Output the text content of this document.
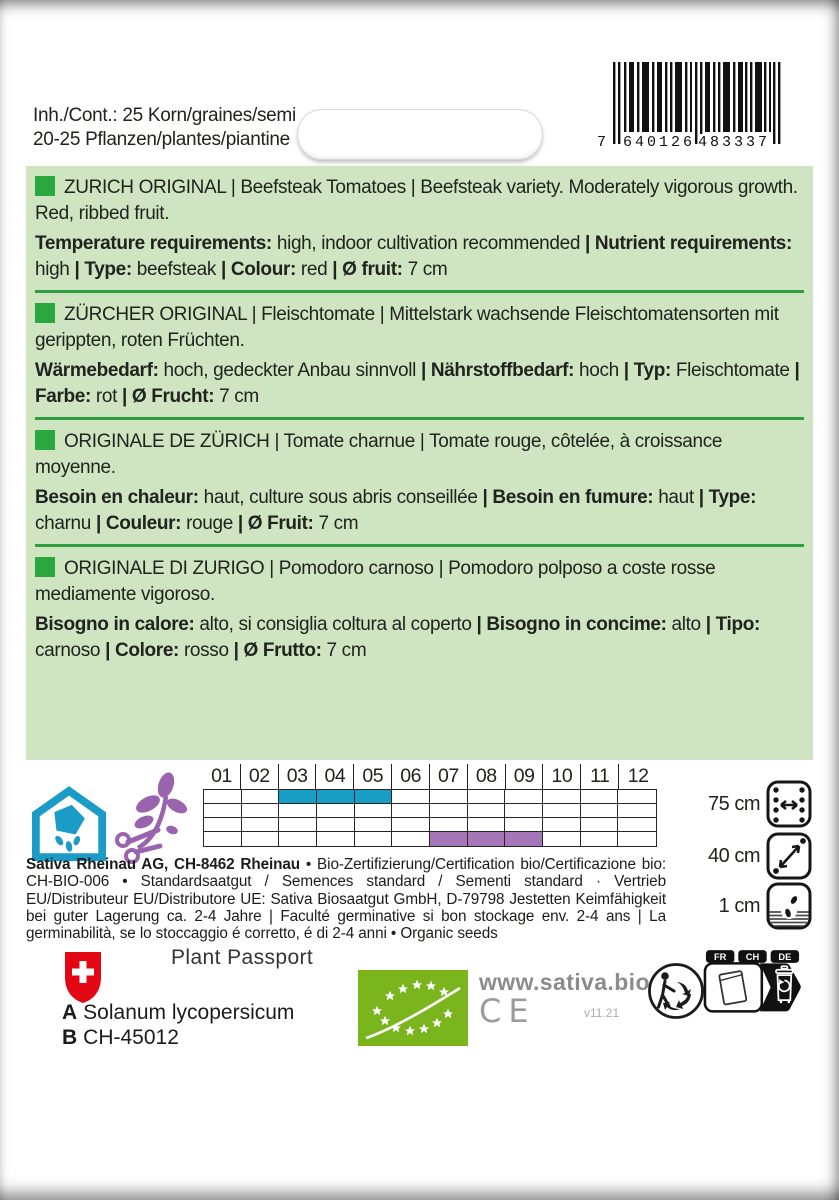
Inh./Cont.: 25 Korn/graines/semi
20-25 Pflanzen/plantes/piantine	7 640126 483337

ZURICH ORIGINAL | Beefsteak Tomatoes | Beefsteak variety. Moderately vigorous growth. Red, ribbed fruit.

Temperature requirements: high, indoor cultivation recommended | Nutrient requirements: high | Type: beefsteak | Colour: red | Ø fruit: 7 cm

ZÜRCHER ORIGINAL | Fleischtomate | Mittelstark wachsende Fleischtomatensorten mit gerippten, roten Früchten.

Wärmebedarf: hoch, gedeckter Anbau sinnvoll | Nährstoffbedarf: hoch | Typ: Fleischtomate | Farbe: rot | Ø Frucht: 7 cm

ORIGINALE DE ZÜRICH | Tomate charnue | Tomate rouge, côtelée, à croissance moyenne.

Besoin en chaleur: haut, culture sous abris conseillée | Besoin en fumure: haut | Type: charnu | Couleur: rouge | Ø Fruit: 7 cm

ORIGINALE DI ZURIGO | Pomodoro carnoso | Pomodoro polposo a coste rosse mediamente vigoroso.

Bisogno in calore: alto, si consiglia coltura al coperto | Bisogno in concime: alto | Tipo: carnoso | Colore: rosso | Ø Frutto: 7 cm

01 02 03 04 05 06 07 08 09 10 11 12
75 cm
40 cm
1 cm
Sativa Rheinau AG, CH-8462 Rheinau • Bio-Zertifizierung/Certification bio/Certificazione bio: CH-BIO-006 • Standardsaatgut / Semences standard / Sementi standard · Vertrieb EU/Distributeur EU/Distributore UE: Sativa Biosaatgut GmbH, D-79798 Jestetten Keimfähigkeit bei guter Lagerung ca. 2-4 Jahre | Faculté germinative si bon stockage env. 2-4 ans | La germinabilità, se lo stoccaggio é corretto, é di 2-4 anni • Organic seeds
Plant Passport
A Solanum lycopersicum
B CH-45012
www.sativa.bio
CE	v11.21
FR CH DE
